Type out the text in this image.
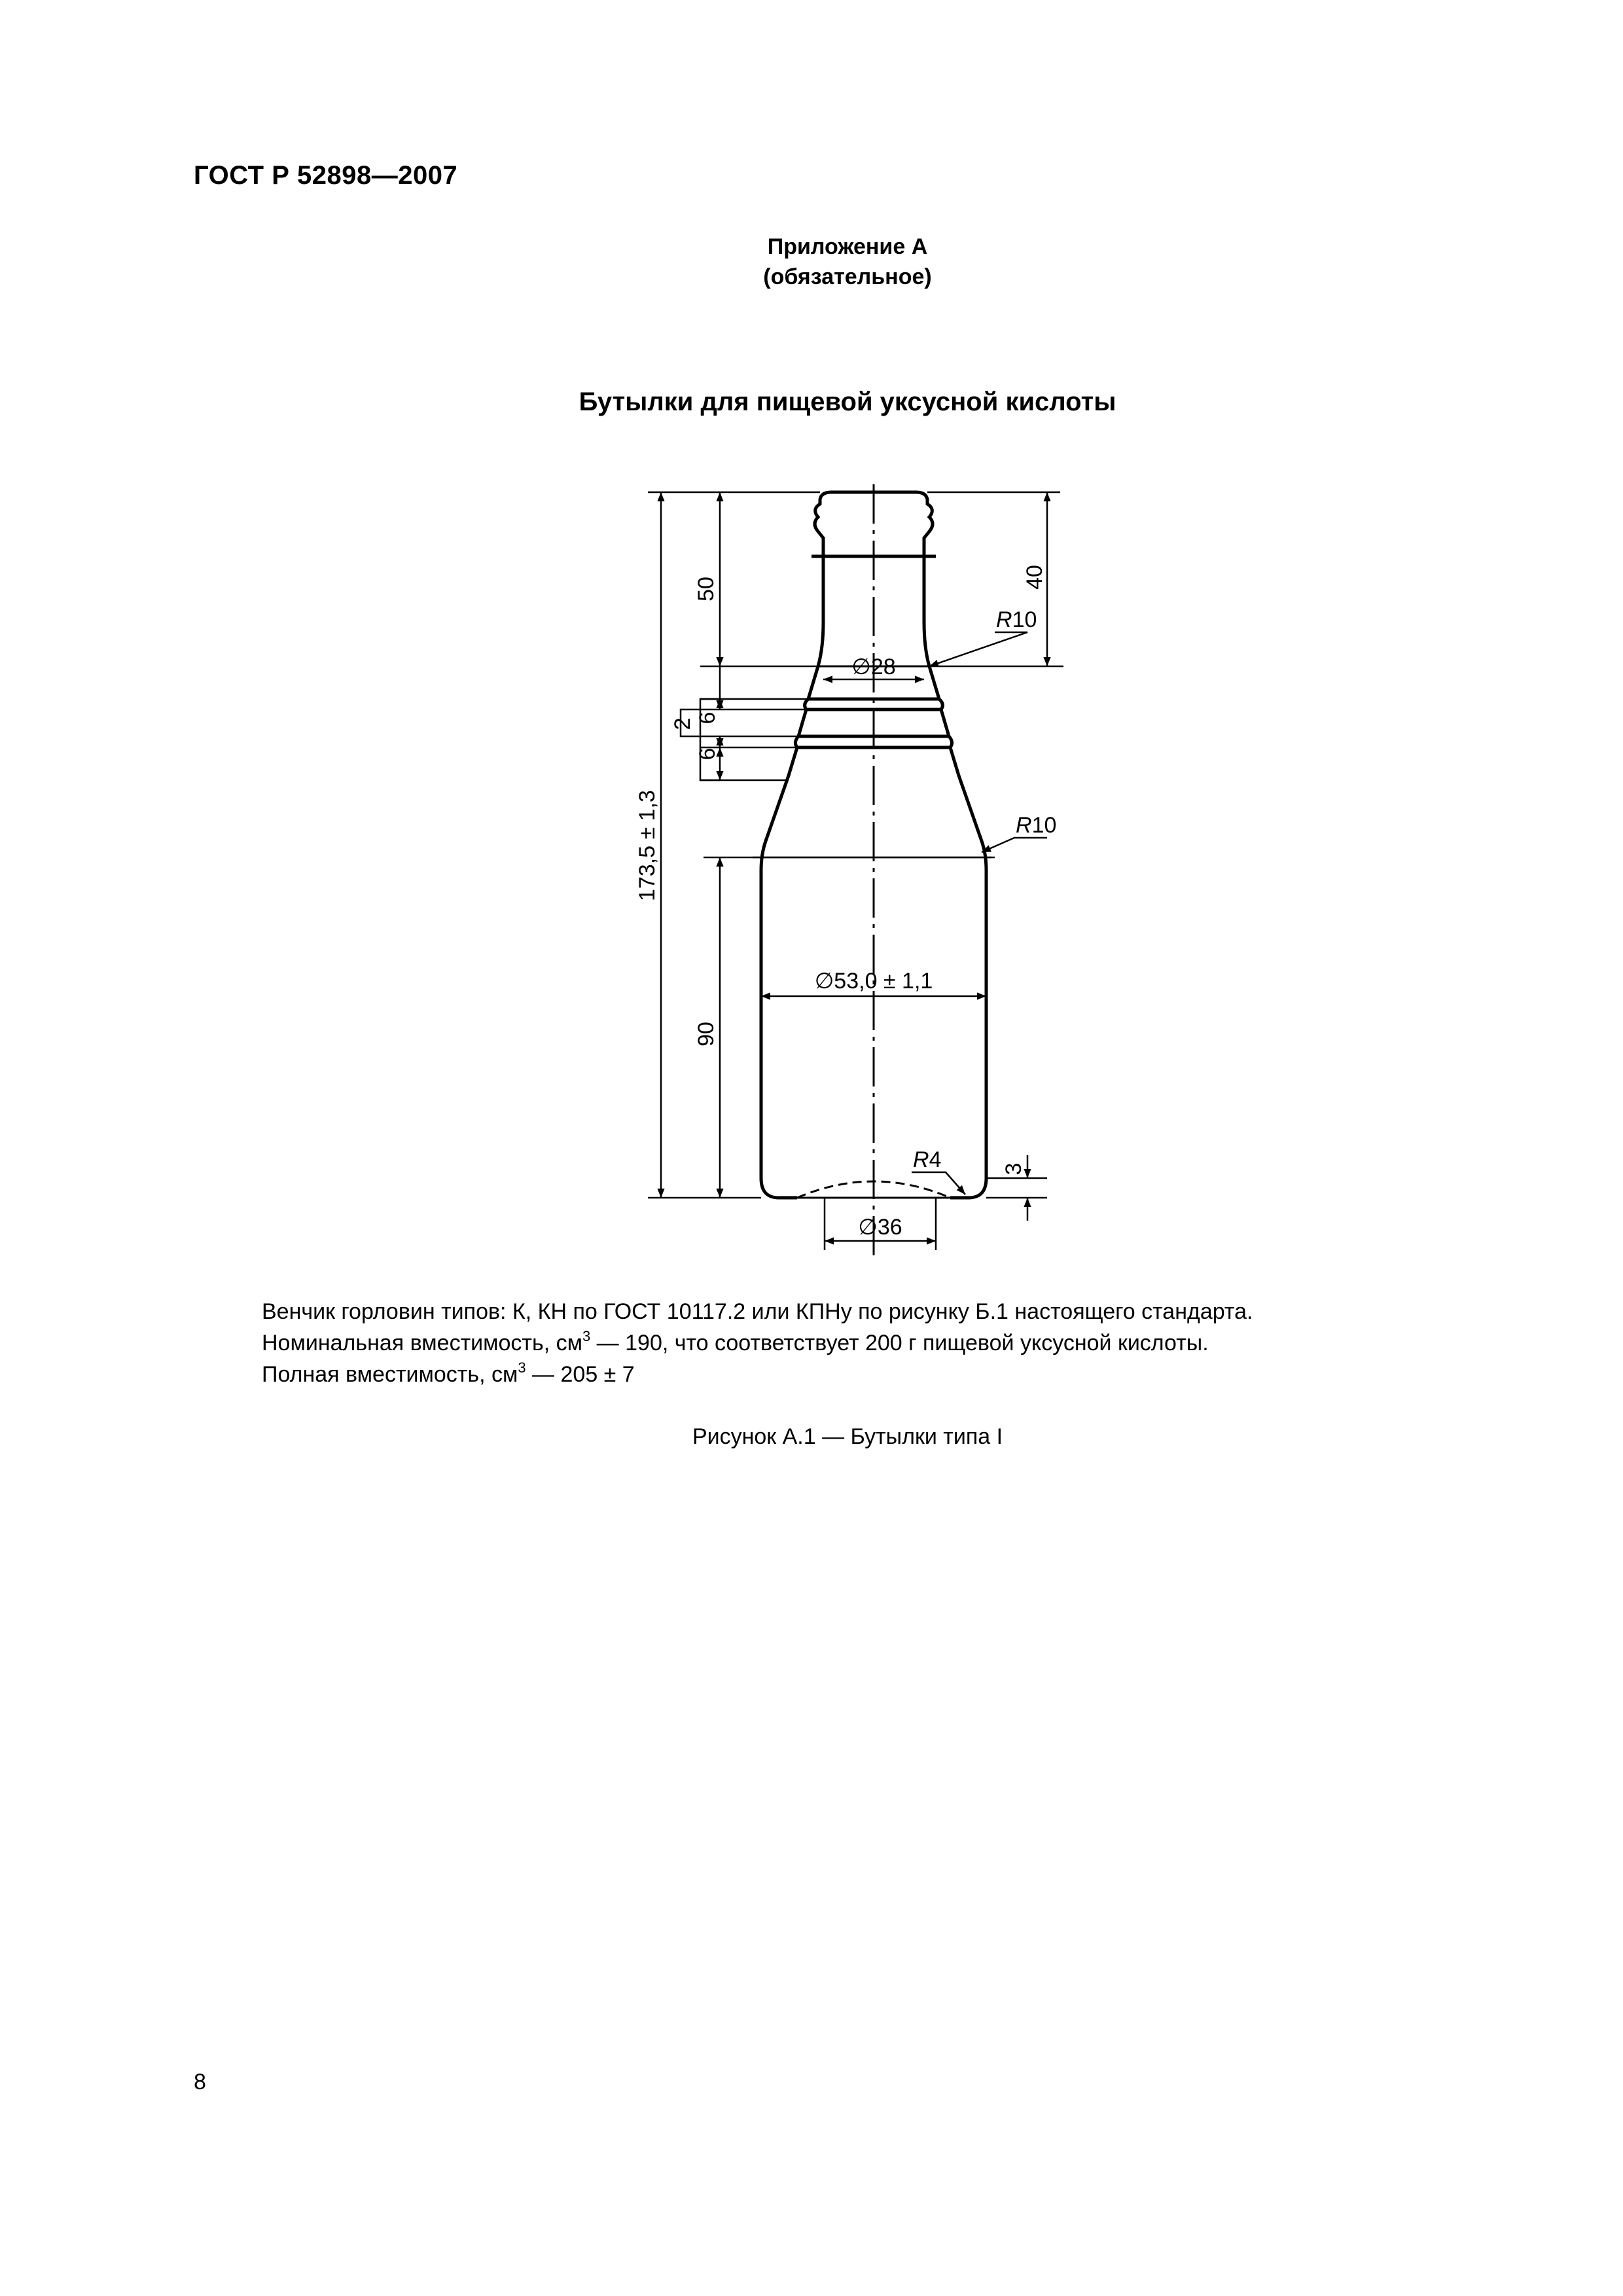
ГОСТ Р 52898—2007
Приложение А
(обязательное)
Бутылки для пищевой уксусной кислоты
173,5 ± 1,3
50	40
6
2
6
90
3
∅28
∅53,0 ± 1,1
∅36
R10
R10
R4
Венчик горловин типов: К, КН по ГОСТ 10117.2 или КПНу по рисунку Б.1 настоящего стандарта.
Номинальная вместимость, $см^3$ — 190, что соответствует 200 г пищевой уксусной кислоты.
Полная вместимость, $см^3$ — 205 ± 7
Рисунок А.1 — Бутылки типа I
8
